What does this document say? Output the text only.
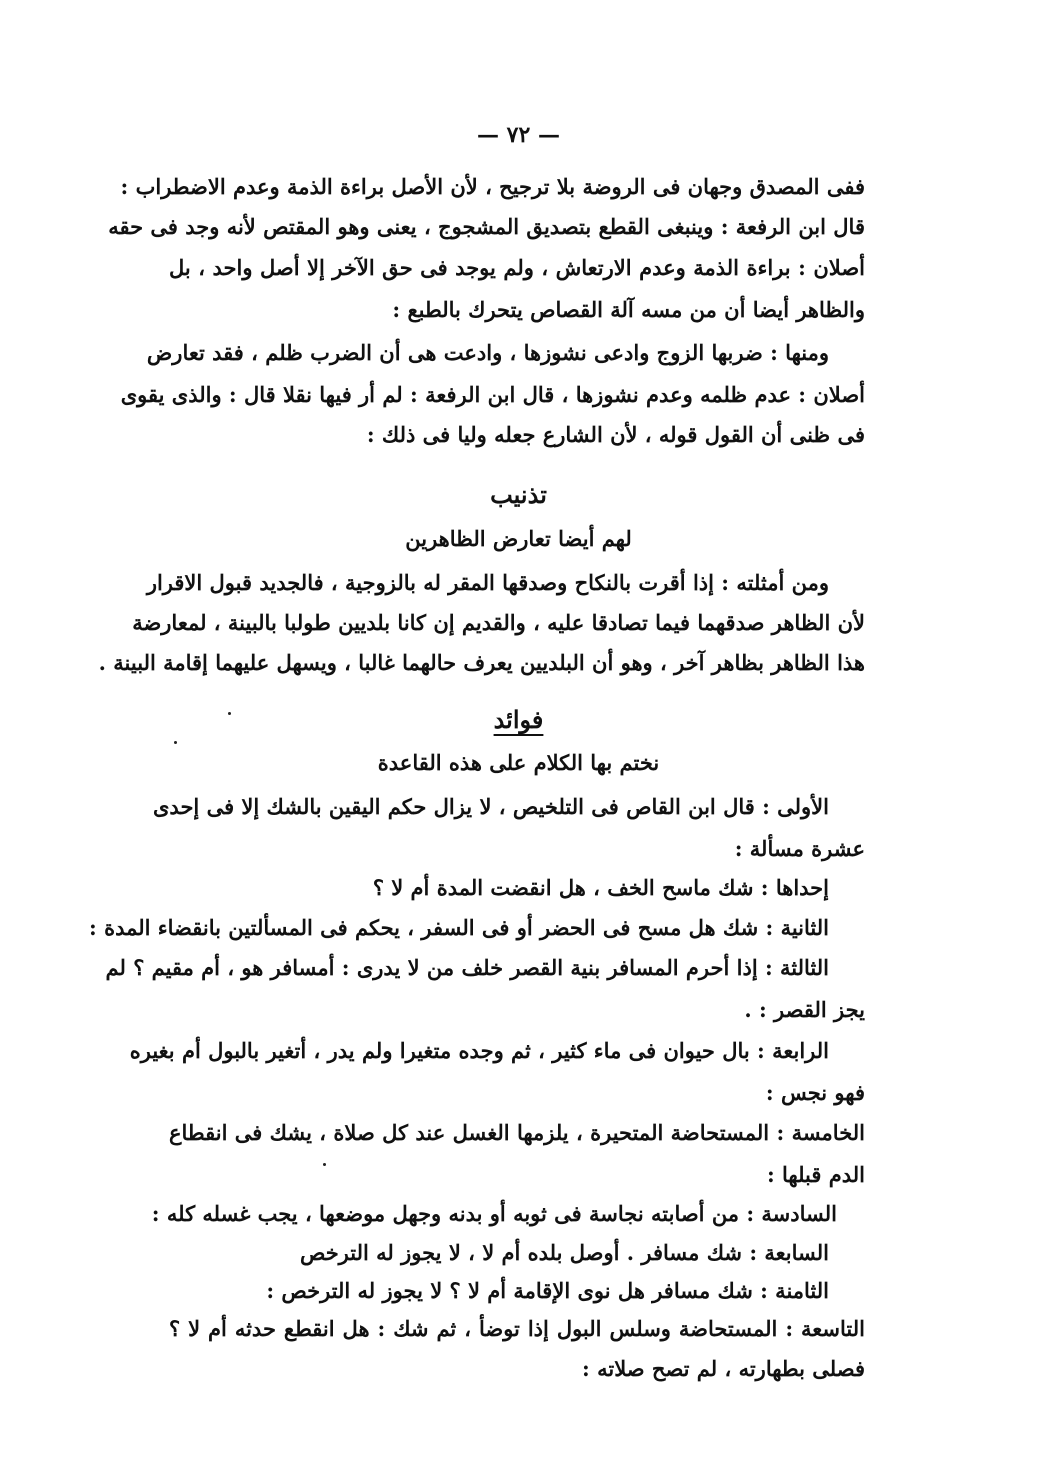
— ٧٢ —
ففى المصدق وجهان فى الروضة بلا ترجيح ، لأن الأصل براءة الذمة وعدم الاضطراب :
قال ابن الرفعة : وينبغى القطع بتصديق المشجوج ، يعنى وهو المقتص لأنه وجد فى حقه
أصلان : براءة الذمة وعدم الارتعاش ، ولم يوجد فى حق الآخر إلا أصل واحد ، بل
والظاهر أيضا أن من مسه آلة القصاص يتحرك بالطبع :
ومنها : ضربها الزوج وادعى نشوزها ، وادعت هى أن الضرب ظلم ، فقد تعارض
أصلان : عدم ظلمه وعدم نشوزها ، قال ابن الرفعة : لم أر فيها نقلا قال : والذى يقوى
فى ظنى أن القول قوله ، لأن الشارع جعله وليا فى ذلك :
تذنيب
لهم أيضا تعارض الظاهرين
ومن أمثلته : إذا أقرت بالنكاح وصدقها المقر له بالزوجية ، فالجديد قبول الاقرار
لأن الظاهر صدقهما فيما تصادقا عليه ، والقديم إن كانا بلديين طولبا بالبينة ، لمعارضة
هذا الظاهر بظاهر آخر ، وهو أن البلديين يعرف حالهما غالبا ، ويسهل عليهما إقامة البينة .
فوائد
نختم بها الكلام على هذه القاعدة
الأولى : قال ابن القاص فى التلخيص ، لا يزال حكم اليقين بالشك إلا فى إحدى
عشرة مسألة :
إحداها : شك ماسح الخف ، هل انقضت المدة أم لا ؟
الثانية : شك هل مسح فى الحضر أو فى السفر ، يحكم فى المسألتين بانقضاء المدة :
الثالثة : إذا أحرم المسافر بنية القصر خلف من لا يدرى : أمسافر هو ، أم مقيم ؟ لم
يجز القصر : .
الرابعة : بال حيوان فى ماء كثير ، ثم وجده متغيرا ولم يدر ، أتغير بالبول أم بغيره
فهو نجس :
الخامسة : المستحاضة المتحيرة ، يلزمها الغسل عند كل صلاة ، يشك فى انقطاع
الدم قبلها :
السادسة : من أصابته نجاسة فى ثوبه أو بدنه وجهل موضعها ، يجب غسله كله :
السابعة : شك مسافر . أوصل بلده أم لا ، لا يجوز له الترخص
الثامنة : شك مسافر هل نوى الإقامة أم لا ؟ لا يجوز له الترخص :
التاسعة : المستحاضة وسلس البول إذا توضأ ، ثم شك : هل انقطع حدثه أم لا ؟
فصلى بطهارته ، لم تصح صلاته :
